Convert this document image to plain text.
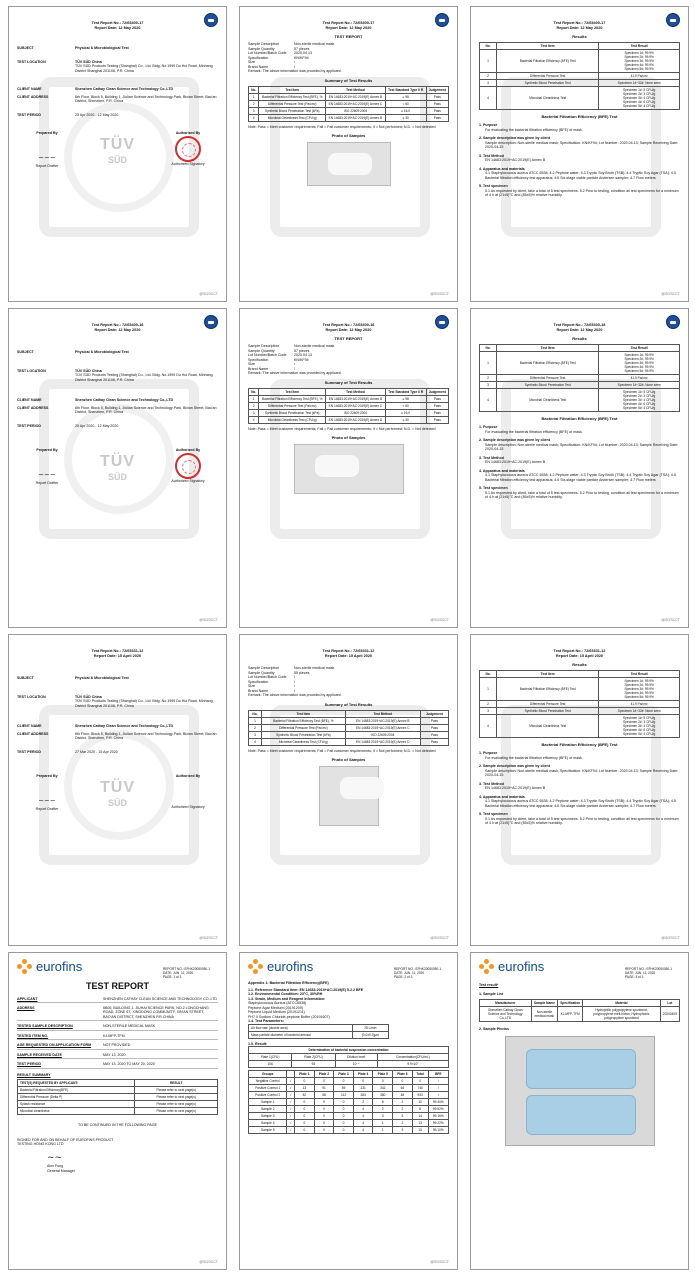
Test Report No.: 72/65400-17
Report Date: 12 May 2020
SUBJECT	Physical & Microbiological Test
TEST LOCATION	TÜV SÜD China
TÜV SÜD Products Testing (Shanghai) Co., Ltd. Bldg. No.1999 Du Hui Road, Minhang District Shanghai 201108, P.R. China
CLIENT NAME	Shenzhen Cathay Clean Science and Technology Co.,LTD
CLIENT ADDRESS	6th Floor, Block 5, Building 1, Jiulian Science and Technology Park, Bixian Street, Bao'an District, Shenzhen, P.R. China
TEST PERIOD	25 Apr 2020 - 12 May 2020
Prepared By
~~~
Report Drafter
TÜV
SÜD
Authorized By
Authorized Signatory
@SGSCCT
Test Report No.: 72/65400-17
Report Date: 12 May 2020
TEST REPORT
Sample Description	Non-sterile medical mask
Sample Quantity	57 pieces
Lot Number/Batch Code	2020.04.13
Specification	KN/KF94
Size	/
Brand Name	/
Remark: The above information was provided by applicant.
Summary of Test Results
No.	Test Item	Test Method	Test Standard Type II R	Judgement
1	Bacterial Filtration Efficiency Test (BFE), %	EN 14683:2019+AC:2019(E) Annex B	≥ 98	Pass
2	Differential Pressure Test (Pa/cm²)	EN 14683:2019+AC:2019(E) Annex C	< 60	Pass
3	Synthetic Blood Penetration Test (kPa)	ISO 22609:2004	≥ 16.0	Pass
4	Microbial Cleanliness Test (CFU/g)	EN 14683:2019+AC:2019(E) Annex D	≤ 30	Pass
Note: Pass = Meet customer requirements; Fail = Fail customer requirements; /f = Not performed; N.D. = Not detected
Photo of Samples
@SGSCCT
Test Report No.: 72/65400-17
Report Date: 12 May 2020
Results
No.	Test Item	Test Result
1	Bacterial Filtration Efficiency (BFE) Test	Specimen 1#: 99.9%
Specimen 2#: 99.9%
Specimen 3#: 99.9%
Specimen 4#: 99.9%
Specimen 5#: 99.9%

2	Differential Pressure Test	41.9 Pa/cm²
3	Synthetic Blood Penetration Test	Specimen 1#~32#: None seen
4	Microbial Cleanliness Test	Specimen 1#: 5 CFU/g
Specimen 2#: 3 CFU/g
Specimen 3#: 4 CFU/g
Specimen 4#: 6 CFU/g
Specimen 5#: 4 CFU/g
Bacterial Filtration Efficiency (BFE) Test
1. Purpose
For evaluating the bacterial filtration efficiency (BFE) of mask.
2. Sample description was given by client
Sample description: Non-sterile medical mask; Specification: KN/KF94; Lot Number: 2020.04.13; Sample Receiving Date: 2020-04-15
3. Test Method
EN 14683:2019+AC:2019(E) Annex B
4. Apparatus and materials
4.1 Staphylococcus aureus ATCC 6538; 4.2 Peptone water; 4.3 Tryptic Soy Broth (TSB); 4.4 Tryptic Soy Agar (TSA); 4.5 Bacterial filtration efficiency test apparatus; 4.6 Six-stage viable particle Andersen sampler; 4.7 Flow meters
5. Test specimen
5.1 As requested by client, take a total of 5 test specimens. 5.2 Prior to testing, condition all test specimens for a minimum of 4 h at (21±5)°C and (85±5)% relative humidity.
@SGSCCT
Test Report No.: 72/65400-18
Report Date: 12 May 2020
SUBJECT	Physical & Microbiological Test
TEST LOCATION	TÜV SÜD China
TÜV SÜD Products Testing (Shanghai) Co., Ltd. Bldg. No.1999 Du Hui Road, Minhang District Shanghai 201108, P.R. China
CLIENT NAME	Shenzhen Cathay Clean Science and Technology Co.,LTD
CLIENT ADDRESS	6th Floor, Block 5, Building 1, Jiulian Science and Technology Park, Bixian Street, Bao'an District, Shenzhen, P.R. China
TEST PERIOD	25 Apr 2020 - 12 May 2020
Prepared By
~~~
Report Drafter
TÜV
SÜD
Authorized By
Authorized Signatory
@SGSCCT
Test Report No.: 72/65400-18
Report Date: 12 May 2020
TEST REPORT
Sample Description	Non-sterile medical mask
Sample Quantity	57 pieces
Lot Number/Batch Code	2020.04.13
Specification	KN/KF94
Size	/
Brand Name	/
Remark: The above information was provided by applicant.
Summary of Test Results
No.	Test Item	Test Method	Test Standard Type II R	Judgement
1	Bacterial Filtration Efficiency Test (BFE), %	EN 14683:2019+AC:2019(E) Annex B	≥ 98	Pass
2	Differential Pressure Test (Pa/cm²)	EN 14683:2019+AC:2019(E) Annex C	< 60	Pass
3	Synthetic Blood Penetration Test (kPa)	ISO 22609:2004	≥ 16.0	Pass
4	Microbial Cleanliness Test (CFU/g)	EN 14683:2019+AC:2019(E) Annex D	≤ 30	Pass
Note: Pass = Meet customer requirements; Fail = Fail customer requirements; /f = Not performed; N.D. = Not detected
Photo of Samples
@SGSCCT
Test Report No.: 72/65400-18
Report Date: 12 May 2020
Results
No.	Test Item	Test Result
1	Bacterial Filtration Efficiency (BFE) Test	Specimen 1#: 99.9%
Specimen 2#: 99.9%
Specimen 3#: 99.9%
Specimen 4#: 99.9%
Specimen 5#: 99.9%

2	Differential Pressure Test	41.9 Pa/cm²
3	Synthetic Blood Penetration Test	Specimen 1#~32#: None seen
4	Microbial Cleanliness Test	Specimen 1#: 5 CFU/g
Specimen 2#: 3 CFU/g
Specimen 3#: 4 CFU/g
Specimen 4#: 6 CFU/g
Specimen 5#: 4 CFU/g
Bacterial Filtration Efficiency (BFE) Test
1. Purpose
For evaluating the bacterial filtration efficiency (BFE) of mask.
2. Sample description was given by client
Sample description: Non-sterile medical mask; Specification: KN/KF94; Lot Number: 2020.04.13; Sample Receiving Date: 2020-04-15
3. Test Method
EN 14683:2019+AC:2019(E) Annex B
4. Apparatus and materials
4.1 Staphylococcus aureus ATCC 6538; 4.2 Peptone water; 4.3 Tryptic Soy Broth (TSB); 4.4 Tryptic Soy Agar (TSA); 4.5 Bacterial filtration efficiency test apparatus; 4.6 Six-stage viable particle Andersen sampler; 4.7 Flow meters
5. Test specimen
5.1 As requested by client, take a total of 5 test specimens. 5.2 Prior to testing, condition all test specimens for a minimum of 4 h at (21±5)°C and (85±5)% relative humidity.
@SGSCCT
Test Report No.: 72/65331-12
Report Date: 15 April 2020
SUBJECT	Physical & Microbiological Test
TEST LOCATION	TÜV SÜD China
TÜV SÜD Products Testing (Shanghai) Co., Ltd. Bldg. No.1999 Du Hui Road, Minhang District Shanghai 201108, P.R. China
CLIENT NAME	Shenzhen Cathay Clean Science and Technology Co.,LTD
CLIENT ADDRESS	6th Floor, Block 5, Building 1, Jiulian Science and Technology Park, Bixian Street, Bao'an District, Shenzhen, P.R. China
TEST PERIOD	27 Mar 2020 - 15 Apr 2020
Prepared By
~~~
Report Drafter
TÜV
SÜD
Authorized By
Authorized Signatory
@SGSCCT
Test Report No.: 72/65331-12
Report Date: 15 April 2020
Sample Description	Non-sterile medical mask
Sample Quantity	55 pieces
Lot Number/Batch Code	/
Specification	/
Size	/
Brand Name	/
Remark: The above information was provided by applicant.
Summary of Test Results
No.	Test Item	Test Method	Judgement
1	Bacterial Filtration Efficiency Test (BFE), %	EN 14683:2019+AC:2019(E) Annex B	Pass
2	Differential Pressure Test (Pa/cm²)	EN 14683:2019+AC:2019(E) Annex C	Pass
3	Synthetic Blood Penetration Test (kPa)	ISO 22609:2004	Pass
4	Microbial Cleanliness Test (CFU/g)	EN 14683:2019+AC:2019(E) Annex D	Pass
Note: Pass = Meet customer requirements; Fail = Fail customer requirements; /f = Not performed; N.D. = Not detected
Photo of Samples
@SGSCCT
Test Report No.: 72/65331-12
Report Date: 15 April 2020
Results
No.	Test Item	Test Result
1	Bacterial Filtration Efficiency (BFE) Test	Specimen 1#: 99.9%
Specimen 2#: 99.9%
Specimen 3#: 99.9%
Specimen 4#: 99.9%
Specimen 5#: 99.9%

2	Differential Pressure Test	41.9 Pa/cm²
3	Synthetic Blood Penetration Test	Specimen 1#~32#: None seen
4	Microbial Cleanliness Test	Specimen 1#: 5 CFU/g
Specimen 2#: 3 CFU/g
Specimen 3#: 4 CFU/g
Specimen 4#: 6 CFU/g
Specimen 5#: 4 CFU/g
Bacterial Filtration Efficiency (BFE) Test
1. Purpose
For evaluating the bacterial filtration efficiency (BFE) of mask.
2. Sample description was given by client
Sample description: Non-sterile medical mask; Specification: KN/KF94; Lot Number: 2020.04.13; Sample Receiving Date: 2020-04-15
3. Test Method
EN 14683:2019+AC:2019(E) Annex B
4. Apparatus and materials
4.1 Staphylococcus aureus ATCC 6538; 4.2 Peptone water; 4.3 Tryptic Soy Broth (TSB); 4.4 Tryptic Soy Agar (TSA); 4.5 Bacterial filtration efficiency test apparatus; 4.6 Six-stage viable particle Andersen sampler; 4.7 Flow meters
5. Test specimen
5.1 As requested by client, take a total of 5 test specimens. 5.2 Prior to testing, condition all test specimens for a minimum of 4 h at (21±5)°C and (85±5)% relative humidity.
@SGSCCT
eurofins	REPORT NO.: EFHK20050050-1
DATE: JUN. 11, 2020
PAGE: 1 of 3
TEST REPORT
APPLICANT	SHENZHEN CATHAY CLEAN SCIENCE AND TECHNOLOGY CO.,LTD
ADDRESS	6B05, BUILDING 1, JIUHAI SCIENCE PARK, NO.2 LONGCHANG ROAD, ZONE 67, XINGDONG COMMUNITY, XIN'AN STREET, BAO'AN DISTRICT, SHENZHEN P.R.CHINA
TESTED SAMPLE DESCRIPTION	NON-STERILE MEDICAL MASK
TESTED ITEM NO.	KJ-MFP-TFM
AGE REQUESTED ON APPLICATION FORM	NOT PROVIDED
SAMPLE RECEIVED DATE	MAY 13, 2020
TEST PERIOD	MAY 13, 2020 TO MAY 20, 2020
RESULT SUMMARY
TEST(S) REQUESTED BY APPLICANT:	RESULT
Bacterial Filtration Efficiency(BFE)	Please refer to next page(s)
Differential Pressure (Delta P)	Please refer to next page(s)
Splash resistance	Please refer to next page(s)
Microbial cleanliness	Please refer to next page(s)
TO BE CONTINUED IN THE FOLLOWING PAGE
SIGNED FOR AND ON BEHALF OF EUROFINS PRODUCT TESTING HONG KONG LTD
~~
Alex Fung
General Manager
@SGSCCT
eurofins	REPORT NO.: EFHK20050050-1
DATE: JUN. 11, 2020
PAGE: 2 of 3
Appendix 1: Bacterial Filtration Efficiency(BFE)
1.1. Reference Standard Item: EN 14683:2019+AC:2019(E) 5.2.2 BFE
1.2. Environmental Condition: 23°C, 30%RH
1.3. Strain, Medium and Reagent Information:
Staphylococcus Aureus (ATCC6538)
Peptone Agar Medium (20191209)
Peptone Liquid Medium (20191211)
PH7.0 Sodium Chloride-peptone Buffer (20191607)
1.4. Test Parameters:
Air flow rate (double area)	28 L/min
Mass particle diameter of bacterial aerosol	(3.0±0.3)μm
1.5. Result:
Determination of bacterial suspension concentration			
Plate 1(CFU)	Plate 2(CFU)	Dilution level	Concentration(CFU/mL)
106	93	10⁻⁶	9.9×10⁷
Groups		Plate 1	Plate 2	Plate 3	Plate 4	Plate 5	Plate 6	Total	BFE
Negative Control	/	0	0	0	0	0	0	0	/
Positive Control 1	/	13	91	59	231	342	64	740	/
Positive Control 2	/	52	58	112	283	380	48	933	/
Sample 1	/	0	0	0	2	8	2	10	99.40%
Sample 2	/	0	0	0	4	2	2	8	99.52%
Sample 3	/	0	0	0	4	3	3	14	99.16%
Sample 4	/	0	0	0	4	1	2	13	99.22%
Sample 5	/	0	0	0	4	1	3	15	99.10%
@SGSCCT
eurofins	REPORT NO.: EFHK20050050-1
DATE: JUN. 11, 2020
PAGE: 3 of 3
Test result*
1. Sample List
Manufacturer	Sample Name	Specification	Material	Lot
Shenzhen Cathay Clean Science and Technology Co.,LTD	Non-sterile medical mask	KJ-MFP-TFM	Hydrophilic polypropylene spunbond; polypropylene melt-blown; Hydrophobic polypropylene spunbond	20200409
2. Sample Photos
